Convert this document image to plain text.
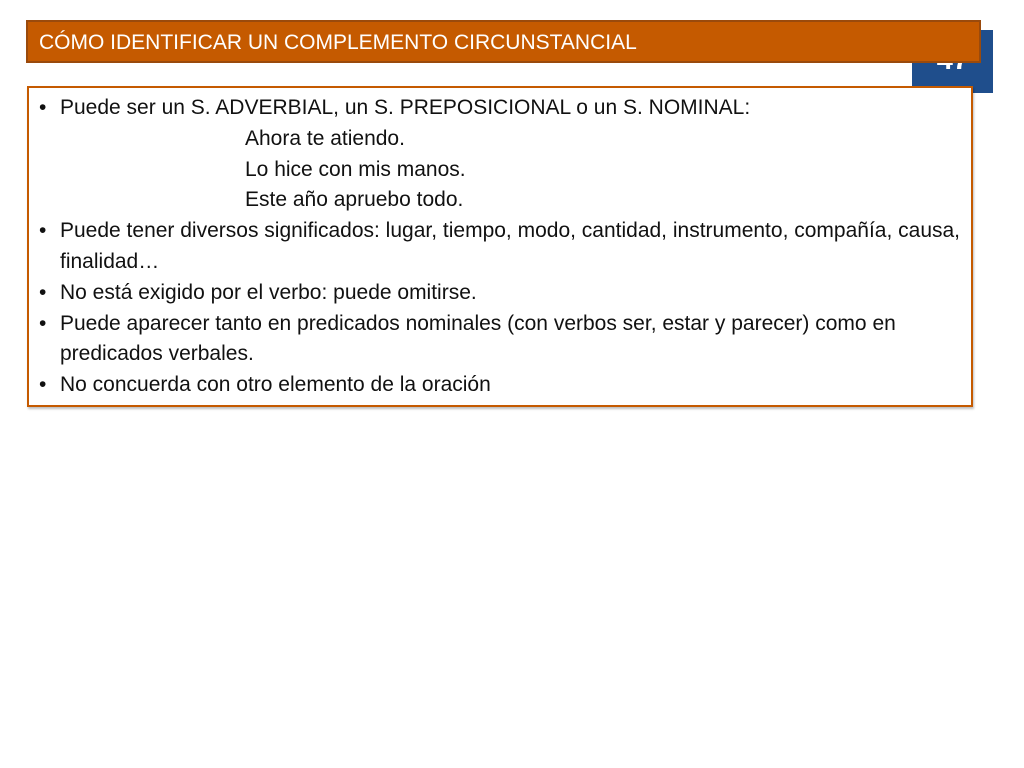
CÓMO IDENTIFICAR UN COMPLEMENTO CIRCUNSTANCIAL
• Puede ser un S. ADVERBIAL, un S. PREPOSICIONAL o un S. NOMINAL:
Ahora te atiendo.
Lo hice con mis manos.
Este año apruebo todo.
• Puede tener diversos significados: lugar, tiempo, modo, cantidad, instrumento, compañía, causa, finalidad…
• No está exigido por el verbo: puede omitirse.
• Puede aparecer tanto en predicados nominales (con verbos ser, estar y parecer) como en predicados verbales.
• No concuerda con otro elemento de la oración
